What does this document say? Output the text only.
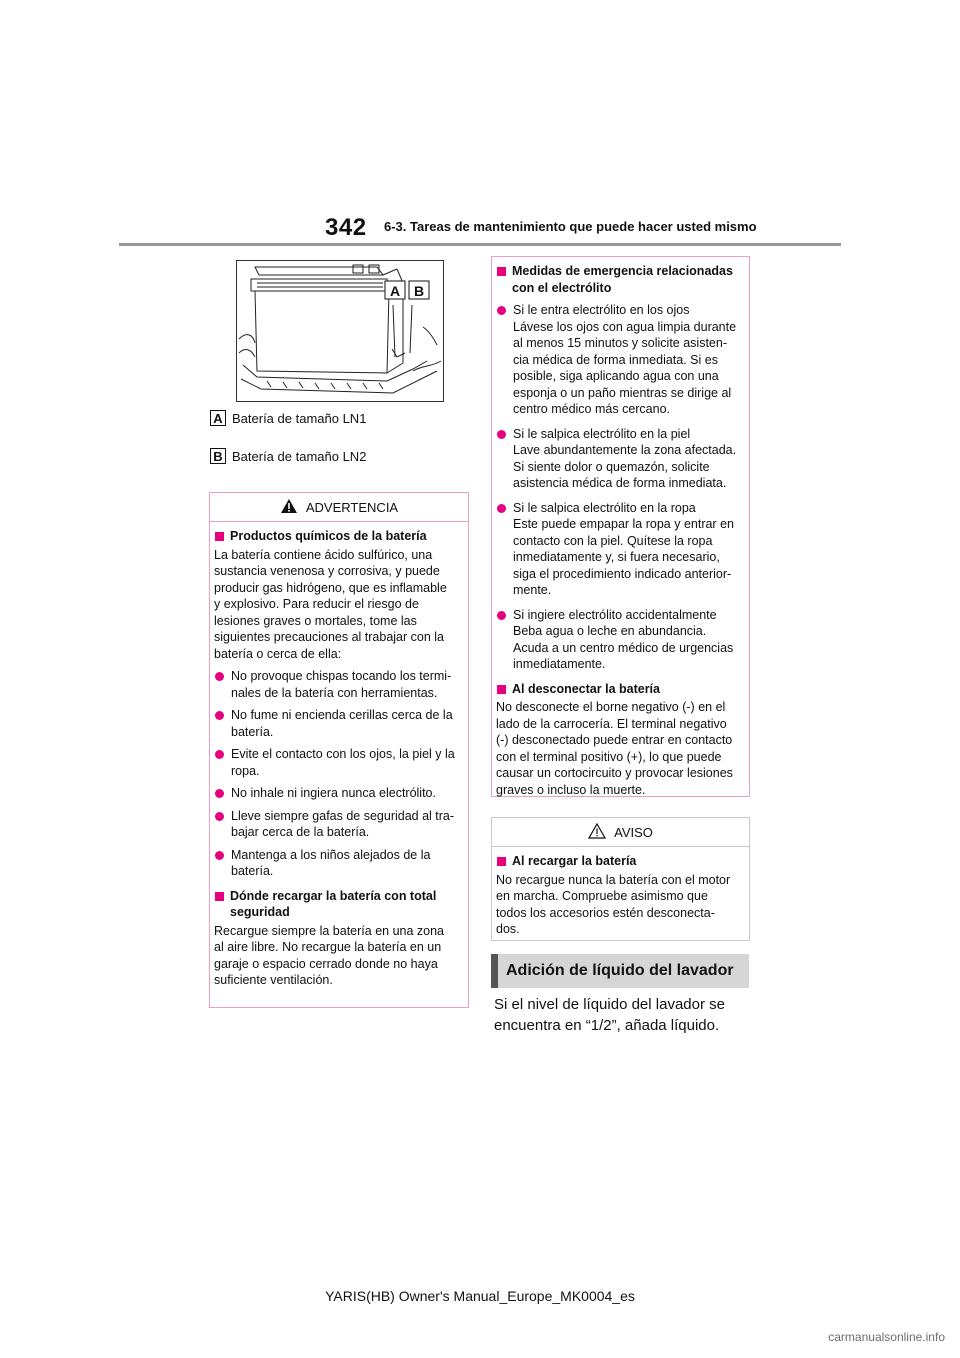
342 6-3. Tareas de mantenimiento que puede hacer usted mismo
A B
A Batería de tamaño LN1
B Batería de tamaño LN2
ADVERTENCIA
Productos químicos de la batería
La batería contiene ácido sulfúrico, una
sustancia venenosa y corrosiva, y puede
producir gas hidrógeno, que es inflamable
y explosivo. Para reducir el riesgo de
lesiones graves o mortales, tome las
siguientes precauciones al trabajar con la
batería o cerca de ella:
No provoque chispas tocando los termi-
nales de la batería con herramientas.
No fume ni encienda cerillas cerca de la
batería.
Evite el contacto con los ojos, la piel y la
ropa.
No inhale ni ingiera nunca electrólito.
Lleve siempre gafas de seguridad al tra-
bajar cerca de la batería.
Mantenga a los niños alejados de la
batería.
Dónde recargar la batería con total
seguridad
Recargue siempre la batería en una zona
al aire libre. No recargue la batería en un
garaje o espacio cerrado donde no haya
suficiente ventilación.
Medidas de emergencia relacionadas
con el electrólito
Si le entra electrólito en los ojos
Lávese los ojos con agua limpia durante
al menos 15 minutos y solicite asisten-
cia médica de forma inmediata. Si es
posible, siga aplicando agua con una
esponja o un paño mientras se dirige al
centro médico más cercano.
Si le salpica electrólito en la piel
Lave abundantemente la zona afectada.
Si siente dolor o quemazón, solicite
asistencia médica de forma inmediata.
Si le salpica electrólito en la ropa
Este puede empapar la ropa y entrar en
contacto con la piel. Quítese la ropa
inmediatamente y, si fuera necesario,
siga el procedimiento indicado anterior-
mente.
Si ingiere electrólito accidentalmente
Beba agua o leche en abundancia.
Acuda a un centro médico de urgencias
inmediatamente.
Al desconectar la batería
No desconecte el borne negativo (-) en el
lado de la carrocería. El terminal negativo
(-) desconectado puede entrar en contacto
con el terminal positivo (+), lo que puede
causar un cortocircuito y provocar lesiones
graves o incluso la muerte.
AVISO
Al recargar la batería
No recargue nunca la batería con el motor
en marcha. Compruebe asimismo que
todos los accesorios estén desconecta-
dos.
Adición de líquido del lavador
Si el nivel de líquido del lavador se
encuentra en “1/2”, añada líquido.
YARIS(HB) Owner's Manual_Europe_MK0004_es
carmanualsonline.info
